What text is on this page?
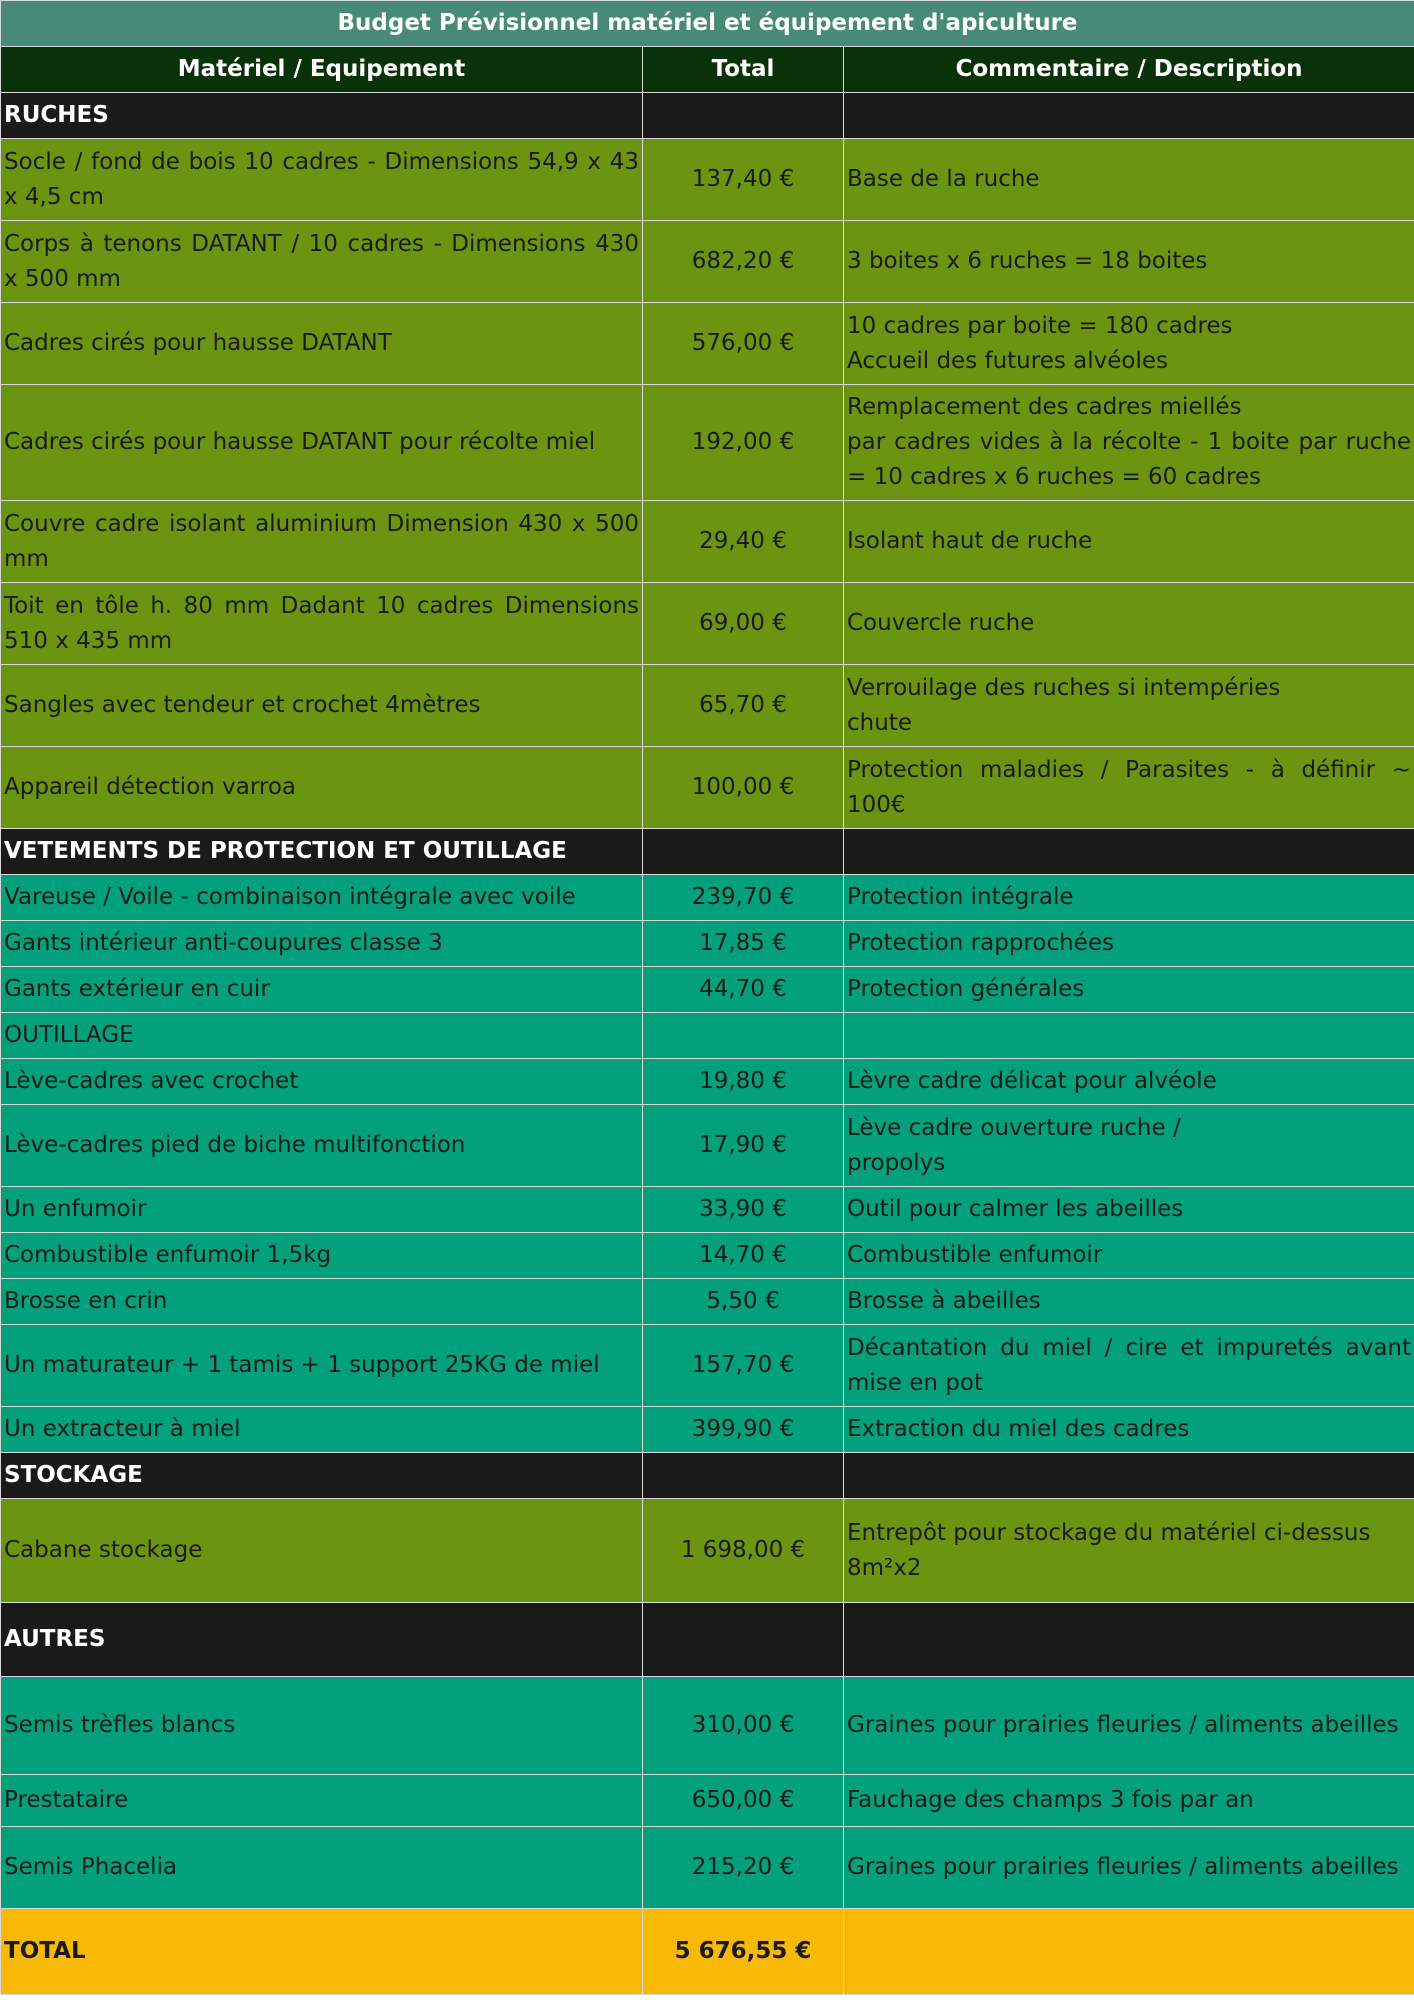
Budget Prévisionnel matériel et équipement d'apiculture		
Matériel / Equipement	Total	Commentaire / Description
RUCHES		
Socle / fond de bois 10 cadres - Dimensions 54,9 x 43 x 4,5 cm	137,40 €	Base de la ruche
Corps à tenons DATANT / 10 cadres - Dimensions 430 x 500 mm	682,20 €	3 boites x 6 ruches = 18 boites
Cadres cirés pour hausse DATANT	576,00 €	10 cadres par boite = 180 cadres
Accueil des futures alvéoles
Cadres cirés pour hausse DATANT pour récolte miel	192,00 €	Remplacement des cadres miellés
par cadres vides à la récolte - 1 boite par ruche = 10 cadres x 6 ruches = 60 cadres
Couvre cadre isolant aluminium Dimension 430 x 500 mm	29,40 €	Isolant haut de ruche
Toit en tôle h. 80 mm Dadant 10 cadres Dimensions 510 x 435 mm	69,00 €	Couvercle ruche
Sangles avec tendeur et crochet 4mètres	65,70 €	Verrouilage des ruches si intempéries
chute
Appareil détection varroa	100,00 €	Protection maladies / Parasites - à définir ~ 100€
VETEMENTS DE PROTECTION ET OUTILLAGE		
Vareuse / Voile - combinaison intégrale avec voile	239,70 €	Protection intégrale
Gants intérieur anti-coupures classe 3	17,85 €	Protection rapprochées
Gants extérieur en cuir	44,70 €	Protection générales
OUTILLAGE		
Lève-cadres avec crochet	19,80 €	Lèvre cadre délicat pour alvéole
Lève-cadres pied de biche multifonction	17,90 €	Lève cadre ouverture ruche /
propolys
Un enfumoir	33,90 €	Outil pour calmer les abeilles
Combustible enfumoir 1,5kg	14,70 €	Combustible enfumoir
Brosse en crin	5,50 €	Brosse à abeilles
Un maturateur + 1 tamis + 1 support 25KG de miel	157,70 €	Décantation du miel / cire et impuretés avant mise en pot
Un extracteur à miel	399,90 €	Extraction du miel des cadres
STOCKAGE		
Cabane stockage	1 698,00 €	Entrepôt pour stockage du matériel ci-dessus
8m²x2
AUTRES		
Semis trèfles blancs	310,00 €	Graines pour prairies fleuries / aliments abeilles
Prestataire	650,00 €	Fauchage des champs 3 fois par an
Semis Phacelia	215,20 €	Graines pour prairies fleuries / aliments abeilles
TOTAL	5 676,55 €	
